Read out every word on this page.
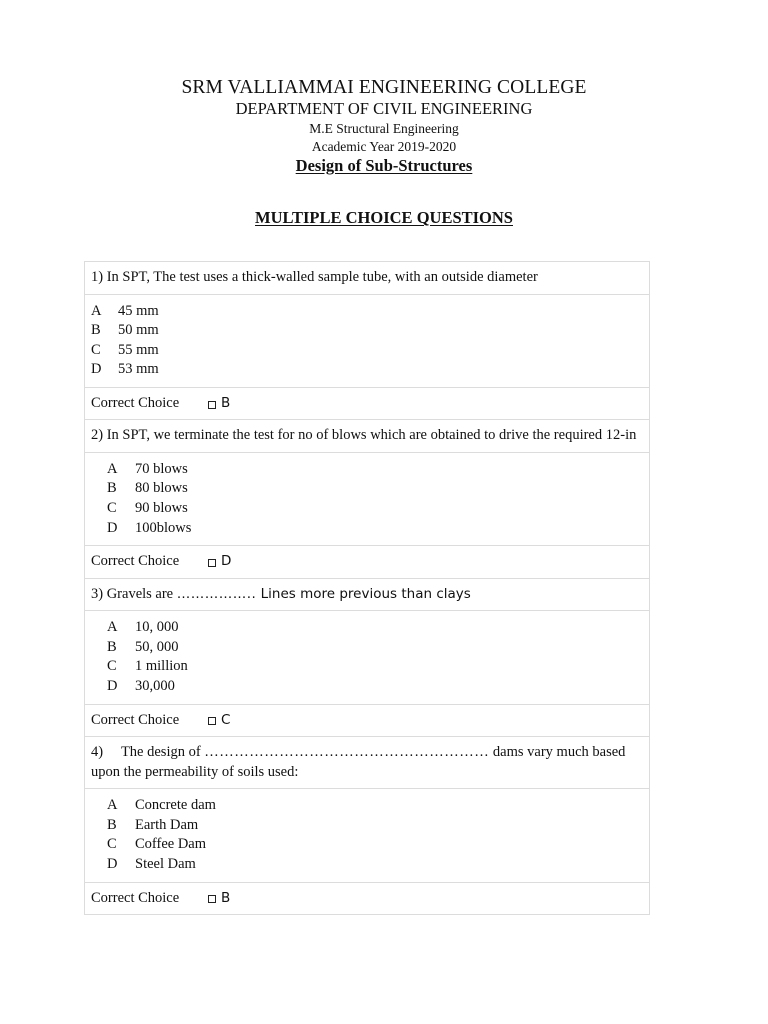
SRM VALLIAMMAI ENGINEERING COLLEGE
DEPARTMENT OF CIVIL ENGINEERING
M.E Structural Engineering
Academic Year 2019-2020
Design of Sub-Structures
MULTIPLE CHOICE QUESTIONS
1) In SPT, The test uses a thick-walled sample tube, with an outside diameter
A	45 mm
B	50 mm
C	55 mm
D	53 mm
Correct Choice	B
2) In SPT, we terminate the test for no of blows which are obtained to drive the required 12-in
A	70 blows
B	80 blows
C	90 blows
D	100blows
Correct Choice	D
3) Gravels are …………….. Lines more previous than clays
A	10, 000
B	50, 000
C	1 million
D	30,000
Correct Choice	C
4)     The design of ………………………………………………… dams vary much based upon the permeability of soils used:
A	Concrete dam
B	Earth Dam
C	Coffee Dam
D	Steel Dam
Correct Choice	B
